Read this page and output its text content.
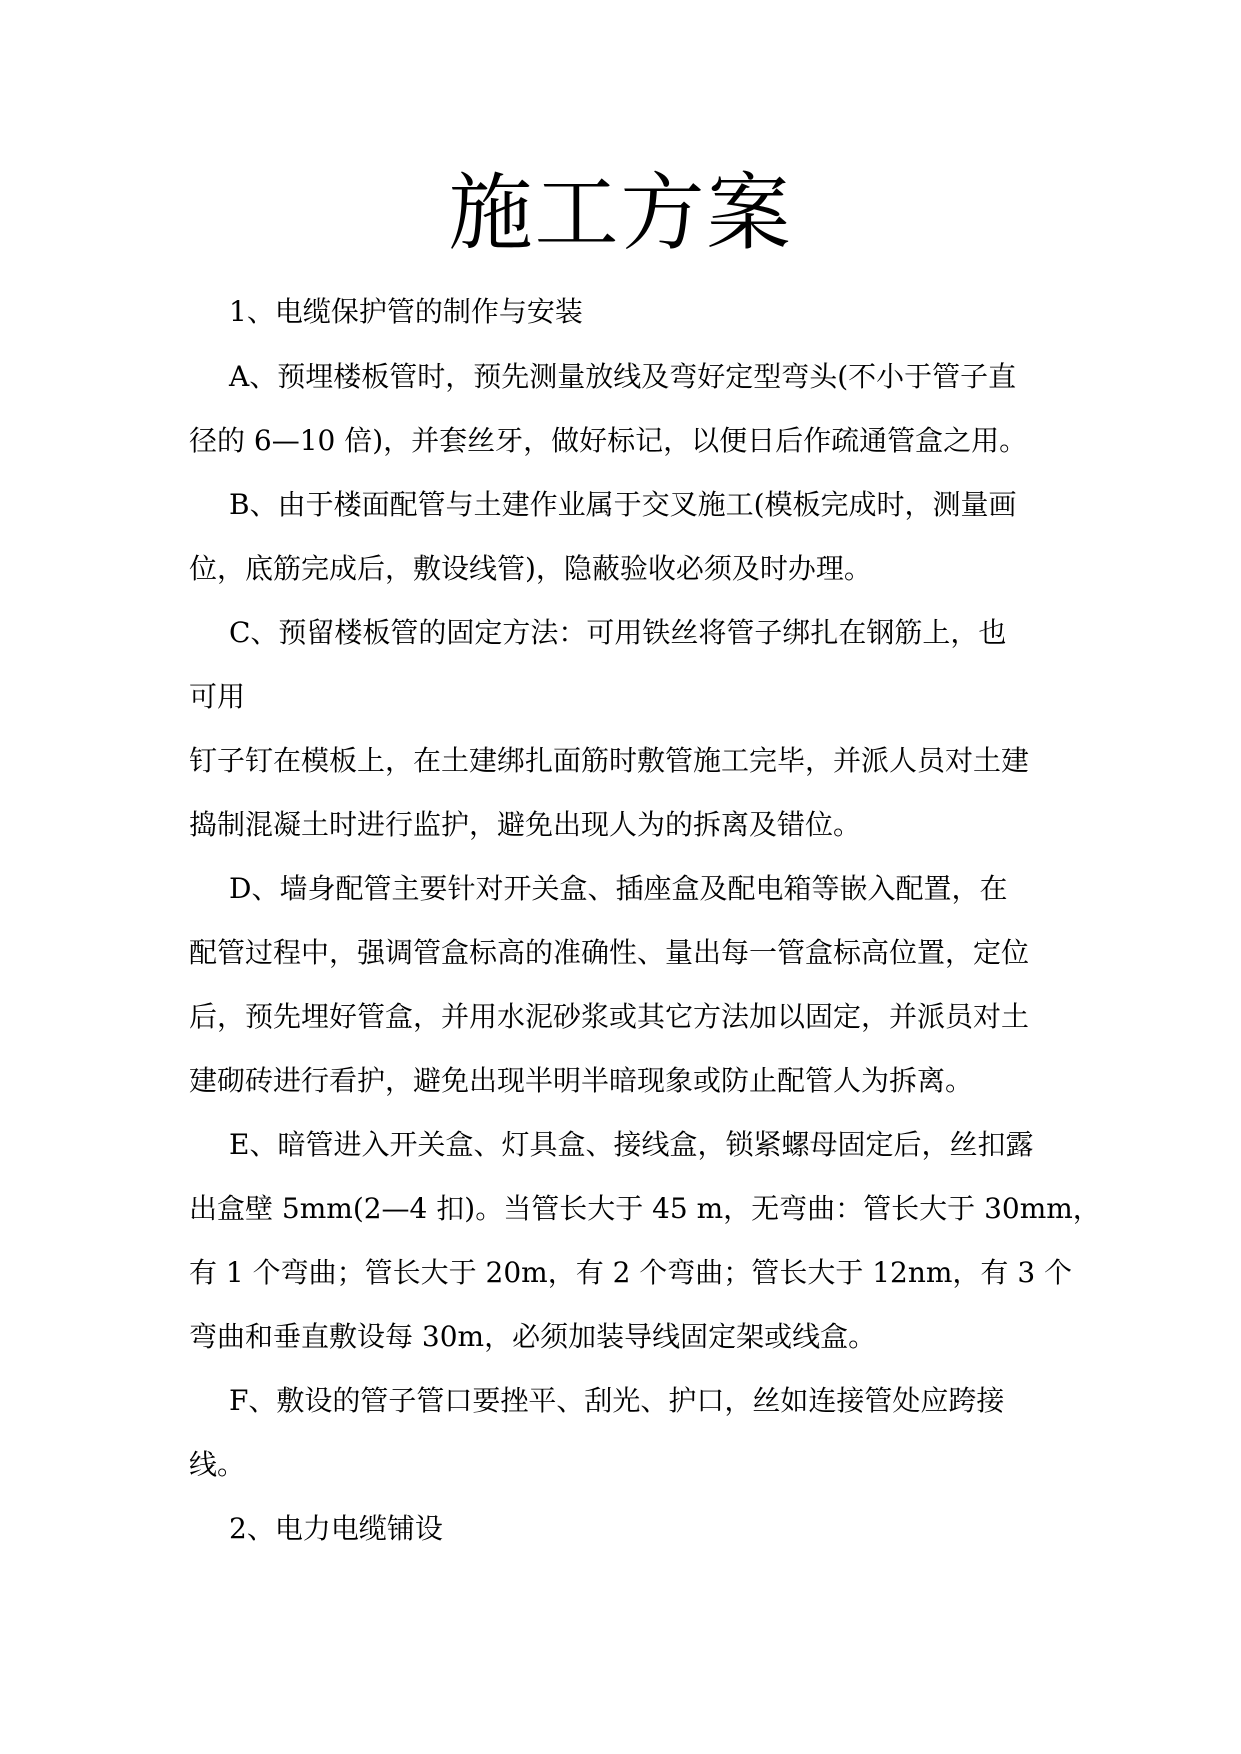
施工方案
1、电缆保护管的制作与安装
A、预埋楼板管时，预先测量放线及弯好定型弯头(不小于管子直
径的 6—10 倍)，并套丝牙，做好标记，以便日后作疏通管盒之用。
B、由于楼面配管与土建作业属于交叉施工(模板完成时，测量画
位，底筋完成后，敷设线管)，隐蔽验收必须及时办理。
C、预留楼板管的固定方法：可用铁丝将管子绑扎在钢筋上，也
可用
钉子钉在模板上，在土建绑扎面筋时敷管施工完毕，并派人员对土建
捣制混凝土时进行监护，避免出现人为的拆离及错位。
D、墙身配管主要针对开关盒、插座盒及配电箱等嵌入配置，在
配管过程中，强调管盒标高的准确性、量出每一管盒标高位置，定位
后，预先埋好管盒，并用水泥砂浆或其它方法加以固定，并派员对土
建砌砖进行看护，避免出现半明半暗现象或防止配管人为拆离。
E、暗管进入开关盒、灯具盒、接线盒，锁紧螺母固定后，丝扣露
出盒壁 5mm(2—4 扣)。当管长大于 45 m，无弯曲：管长大于 30mm，
有 1 个弯曲；管长大于 20m，有 2 个弯曲；管长大于 12nm，有 3 个
弯曲和垂直敷设每 30m，必须加装导线固定架或线盒。
F、敷设的管子管口要挫平、刮光、护口，丝如连接管处应跨接
线。
2、电力电缆铺设
